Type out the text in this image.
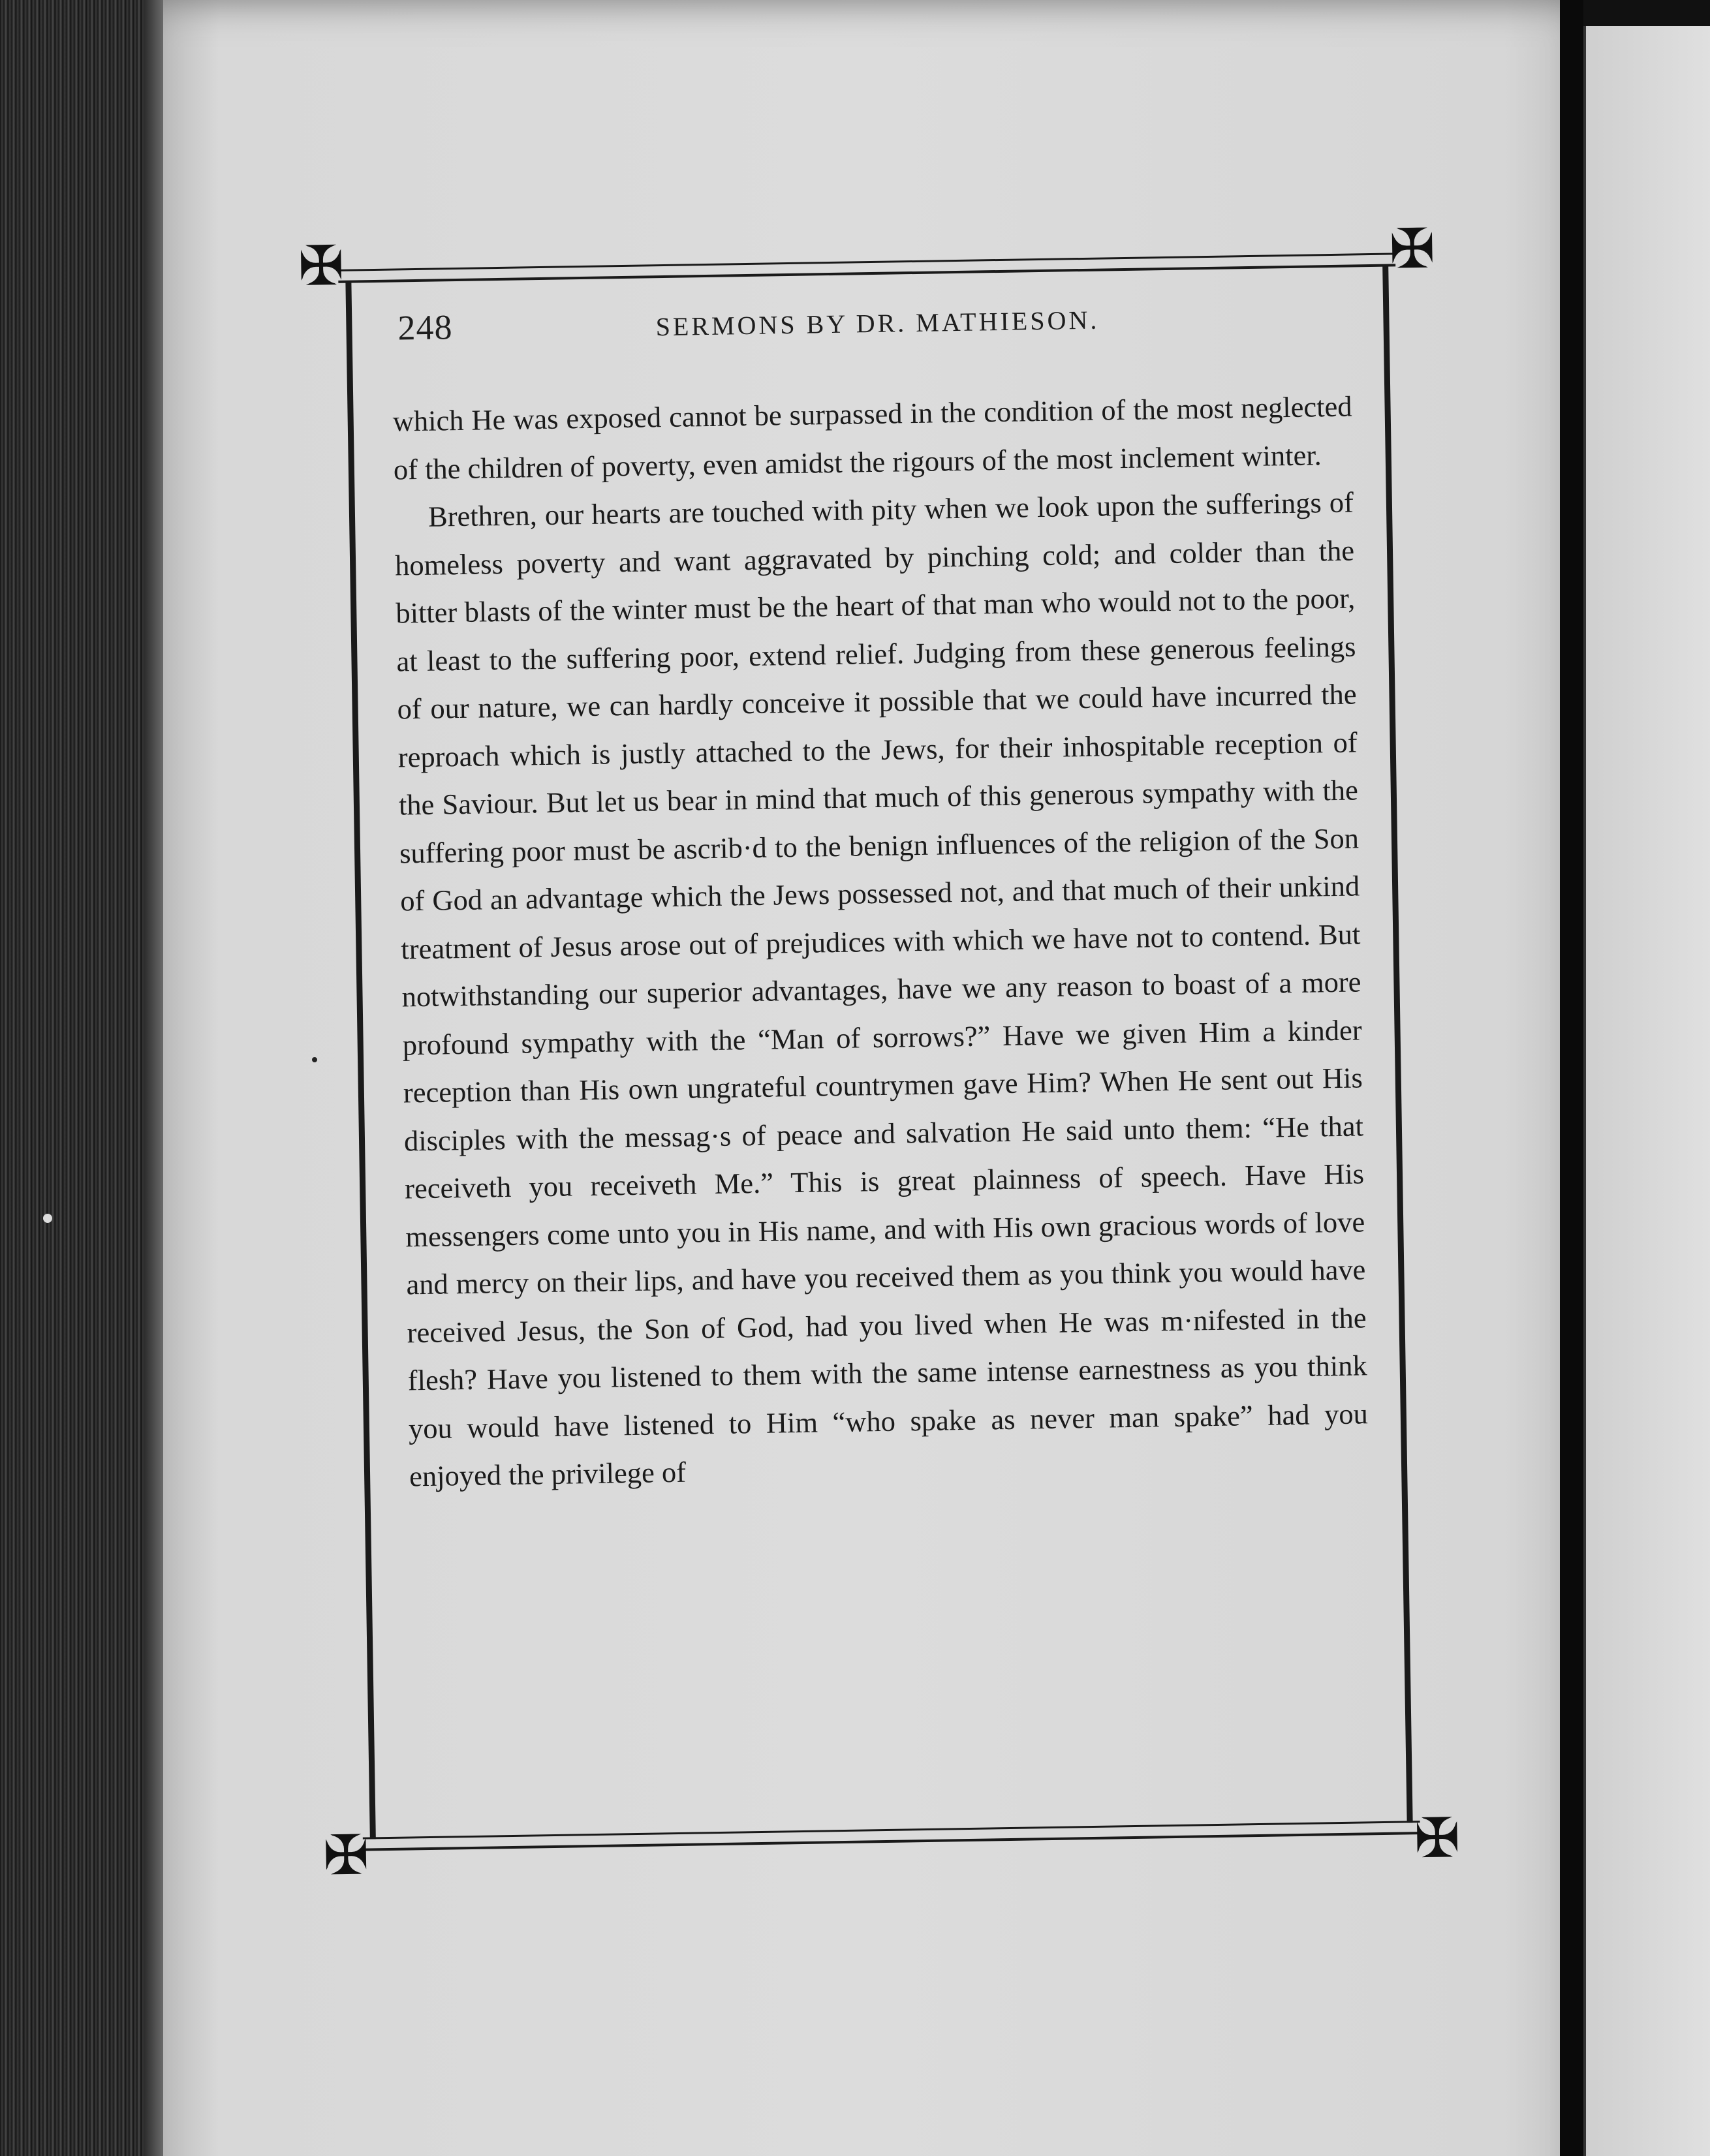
✠	✠
✠	✠
248	SERMONS BY DR. MATHIESON.

which He was exposed cannot be surpassed in the condition of the most neglected of the children of poverty, even amidst the rigours of the most inclement winter.

Brethren, our hearts are touched with pity when we look upon the sufferings of homeless poverty and want aggravated by pinching cold; and colder than the bitter blasts of the winter must be the heart of that man who would not to the poor, at least to the suffering poor, extend relief. Judging from these generous feelings of our nature, we can hardly conceive it possible that we could have incurred the reproach which is justly attached to the Jews, for their inhospitable reception of the Saviour. But let us bear in mind that much of this generous sympathy with the suffering poor must be ascrib·d to the benign influences of the religion of the Son of God an advantage which the Jews possessed not, and that much of their unkind treatment of Jesus arose out of prejudices with which we have not to contend. But notwithstanding our superior advantages, have we any reason to boast of a more profound sympathy with the “Man of sorrows?” Have we given Him a kinder reception than His own ungrateful countrymen gave Him? When He sent out His disciples with the messag·s of peace and salvation He said unto them: “He that receiveth you receiveth Me.” This is great plainness of speech. Have His messengers come unto you in His name, and with His own gracious words of love and mercy on their lips, and have you received them as you think you would have received Jesus, the Son of God, had you lived when He was m·nifested in the flesh? Have you listened to them with the same intense earnestness as you think you would have listened to Him “who spake as never man spake” had you enjoyed the privilege of
